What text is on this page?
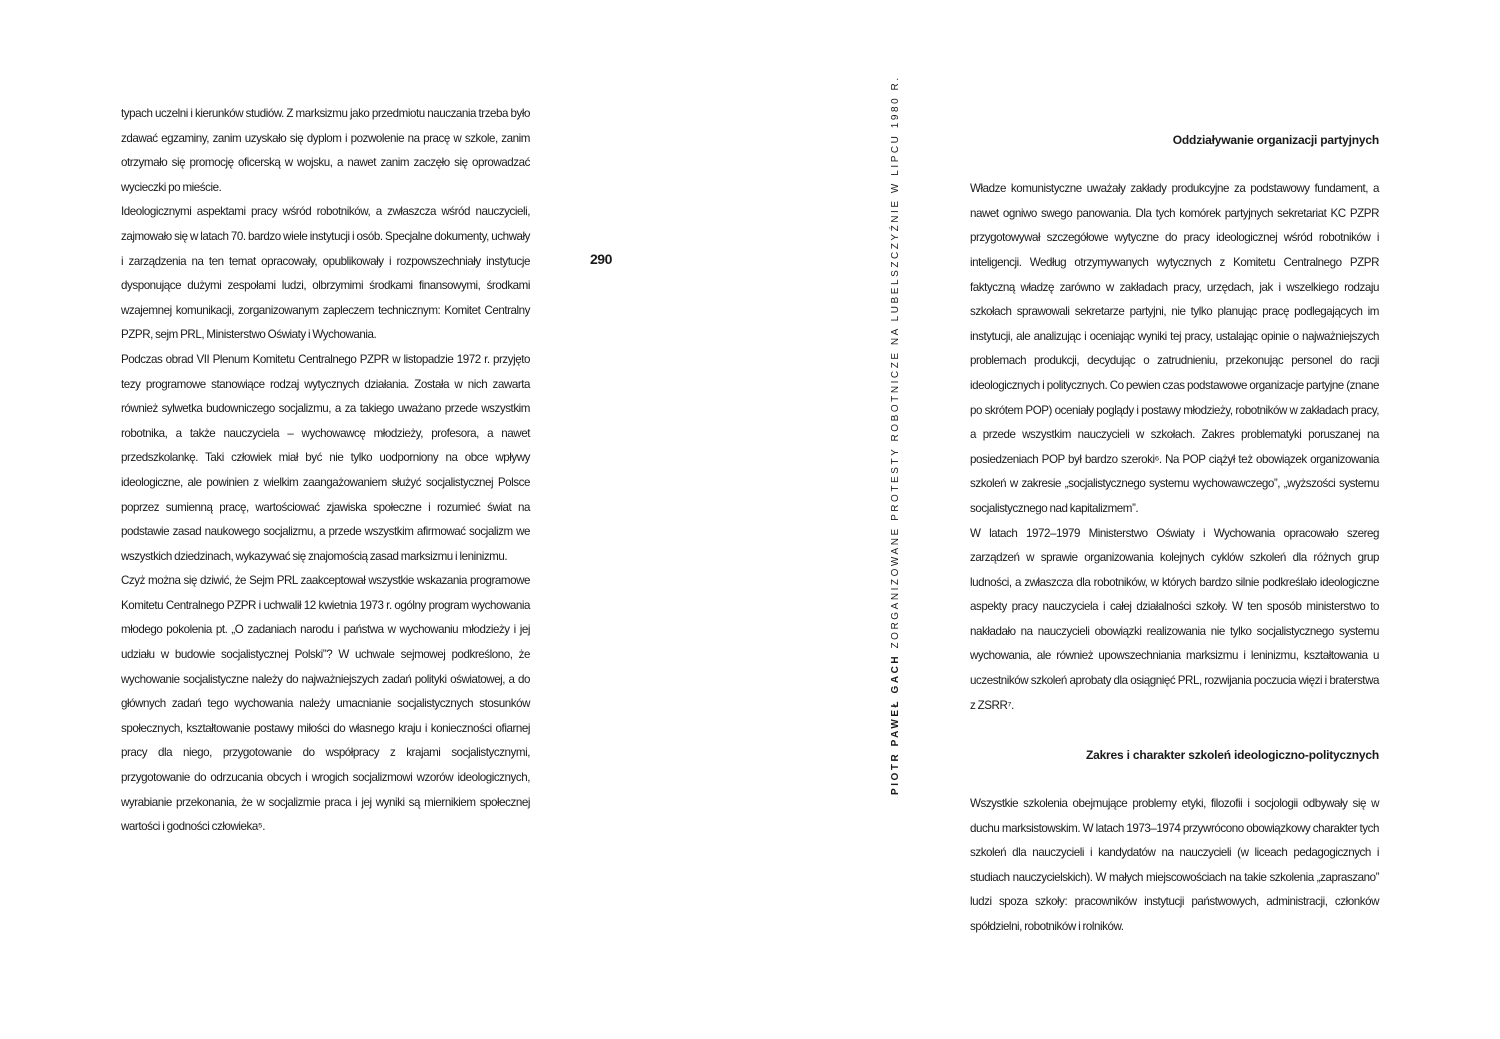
typach uczelni i kierunków studiów. Z marksizmu jako przedmiotu nauczania trzeba było zdawać egzaminy, zanim uzyskało się dyplom i pozwolenie na pracę w szkole, zanim otrzymało się promocję oficerską w wojsku, a nawet zanim zaczęło się oprowadzać wycieczki po mieście.

Ideologicznymi aspektami pracy wśród robotników, a zwłaszcza wśród nauczycieli, zajmowało się w latach 70. bardzo wiele instytucji i osób. Specjalne dokumenty, uchwały i zarządzenia na ten temat opracowały, opublikowały i rozpowszechniały instytucje dysponujące dużymi zespołami ludzi, olbrzymimi środkami finansowymi, środkami wzajemnej komunikacji, zorganizowanym zapleczem technicznym: Komitet Centralny PZPR, sejm PRL, Ministerstwo Oświaty i Wychowania.

Podczas obrad VII Plenum Komitetu Centralnego PZPR w listopadzie 1972 r. przyjęto tezy programowe stanowiące rodzaj wytycznych działania. Została w nich zawarta również sylwetka budowniczego socjalizmu, a za takiego uważano przede wszystkim robotnika, a także nauczyciela – wychowawcę młodzieży, profesora, a nawet przedszkolankę. Taki człowiek miał być nie tylko uodporniony na obce wpływy ideologiczne, ale powinien z wielkim zaangażowaniem służyć socjalistycznej Polsce poprzez sumienną pracę, wartościować zjawiska społeczne i rozumieć świat na podstawie zasad naukowego socjalizmu, a przede wszystkim afirmować socjalizm we wszystkich dziedzinach, wykazywać się znajomością zasad marksizmu i leninizmu.

Czyż można się dziwić, że Sejm PRL zaakceptował wszystkie wskazania programowe Komitetu Centralnego PZPR i uchwalił 12 kwietnia 1973 r. ogólny program wychowania młodego pokolenia pt. „O zadaniach narodu i państwa w wychowaniu młodzieży i jej udziału w budowie socjalistycznej Polski”? W uchwale sejmowej podkreślono, że wychowanie socjalistyczne należy do najważniejszych zadań polityki oświatowej, a do głównych zadań tego wychowania należy umacnianie socjalistycznych stosunków społecznych, kształtowanie postawy miłości do własnego kraju i konieczności ofiarnej pracy dla niego, przygotowanie do współpracy z krajami socjalistycznymi, przygotowanie do odrzucania obcych i wrogich socjalizmowi wzorów ideologicznych, wyrabianie przekonania, że w socjalizmie praca i jej wyniki są miernikiem społecznej wartości i godności człowieka⁵.

290

Oddziaływanie organizacji partyjnych

Władze komunistyczne uważały zakłady produkcyjne za podstawowy fundament, a nawet ogniwo swego panowania. Dla tych komórek partyjnych sekretariat KC PZPR przygotowywał szczegółowe wytyczne do pracy ideologicznej wśród robotników i inteligencji. Według otrzymywanych wytycznych z Komitetu Centralnego PZPR faktyczną władzę zarówno w zakładach pracy, urzędach, jak i wszelkiego rodzaju szkołach sprawowali sekretarze partyjni, nie tylko planując pracę podlegających im instytucji, ale analizując i oceniając wyniki tej pracy, ustalając opinie o najważniejszych problemach produkcji, decydując o zatrudnieniu, przekonując personel do racji ideologicznych i politycznych. Co pewien czas podstawowe organizacje partyjne (znane po skrótem POP) oceniały poglądy i postawy młodzieży, robotników w zakładach pracy, a przede wszystkim nauczycieli w szkołach. Zakres problematyki poruszanej na posiedzeniach POP był bardzo szeroki⁶. Na POP ciążył też obowiązek organizowania szkoleń w zakresie „socjalistycznego systemu wychowawczego”, „wyższości systemu socjalistycznego nad kapitalizmem”.

W latach 1972–1979 Ministerstwo Oświaty i Wychowania opracowało szereg zarządzeń w sprawie organizowania kolejnych cyklów szkoleń dla różnych grup ludności, a zwłaszcza dla robotników, w których bardzo silnie podkreślało ideologiczne aspekty pracy nauczyciela i całej działalności szkoły. W ten sposób ministerstwo to nakładało na nauczycieli obowiązki realizowania nie tylko socjalistycznego systemu wychowania, ale również upowszechniania marksizmu i leninizmu, kształtowania u uczestników szkoleń aprobaty dla osiągnięć PRL, rozwijania poczucia więzi i braterstwa z ZSRR⁷.

Zakres i charakter szkoleń ideologiczno-politycznych

Wszystkie szkolenia obejmujące problemy etyki, filozofii i socjologii odbywały się w duchu marksistowskim. W latach 1973–1974 przywrócono obowiązkowy charakter tych szkoleń dla nauczycieli i kandydatów na nauczycieli (w liceach pedagogicznych i studiach nauczycielskich). W małych miejscowościach na takie szkolenia „zapraszano” ludzi spoza szkoły: pracowników instytucji państwowych, administracji, członków spółdzielni, robotników i rolników.

PIOTR PAWEŁ GACH ZORGANIZOWANE PROTESTY ROBOTNICZE NA LUBELSZCZYŹNIE W LIPCU 1980 R.
